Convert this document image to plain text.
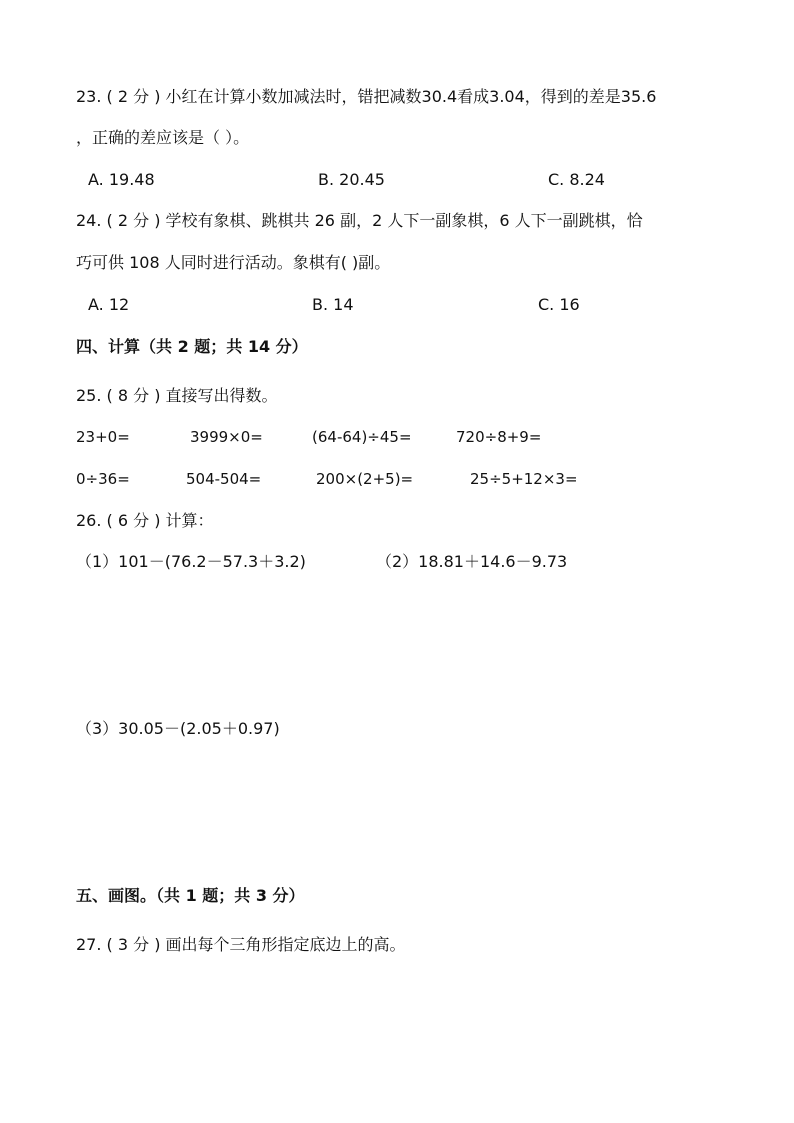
23. ( 2 分 ) 小红在计算小数加减法时，错把减数30.4看成3.04，得到的差是35.6
，正确的差应该是（ ）。
A. 19.48	B. 20.45	C. 8.24
24. ( 2 分 ) 学校有象棋、跳棋共 26 副，2 人下一副象棋，6 人下一副跳棋，恰
巧可供 108 人同时进行活动。象棋有( )副。
A. 12	B. 14	C. 16
四、计算（共 2 题；共 14 分）
25. ( 8 分 ) 直接写出得数。
23+0=	3999×0=	(64-64)÷45=	720÷8+9=
0÷36=	504-504=	200×(2+5)=	25÷5+12×3=
26. ( 6 分 ) 计算：
（1）101－(76.2－57.3＋3.2)	（2）18.81＋14.6－9.73
（3）30.05－(2.05＋0.97)
五、画图。（共 1 题；共 3 分）
27. ( 3 分 ) 画出每个三角形指定底边上的高。
